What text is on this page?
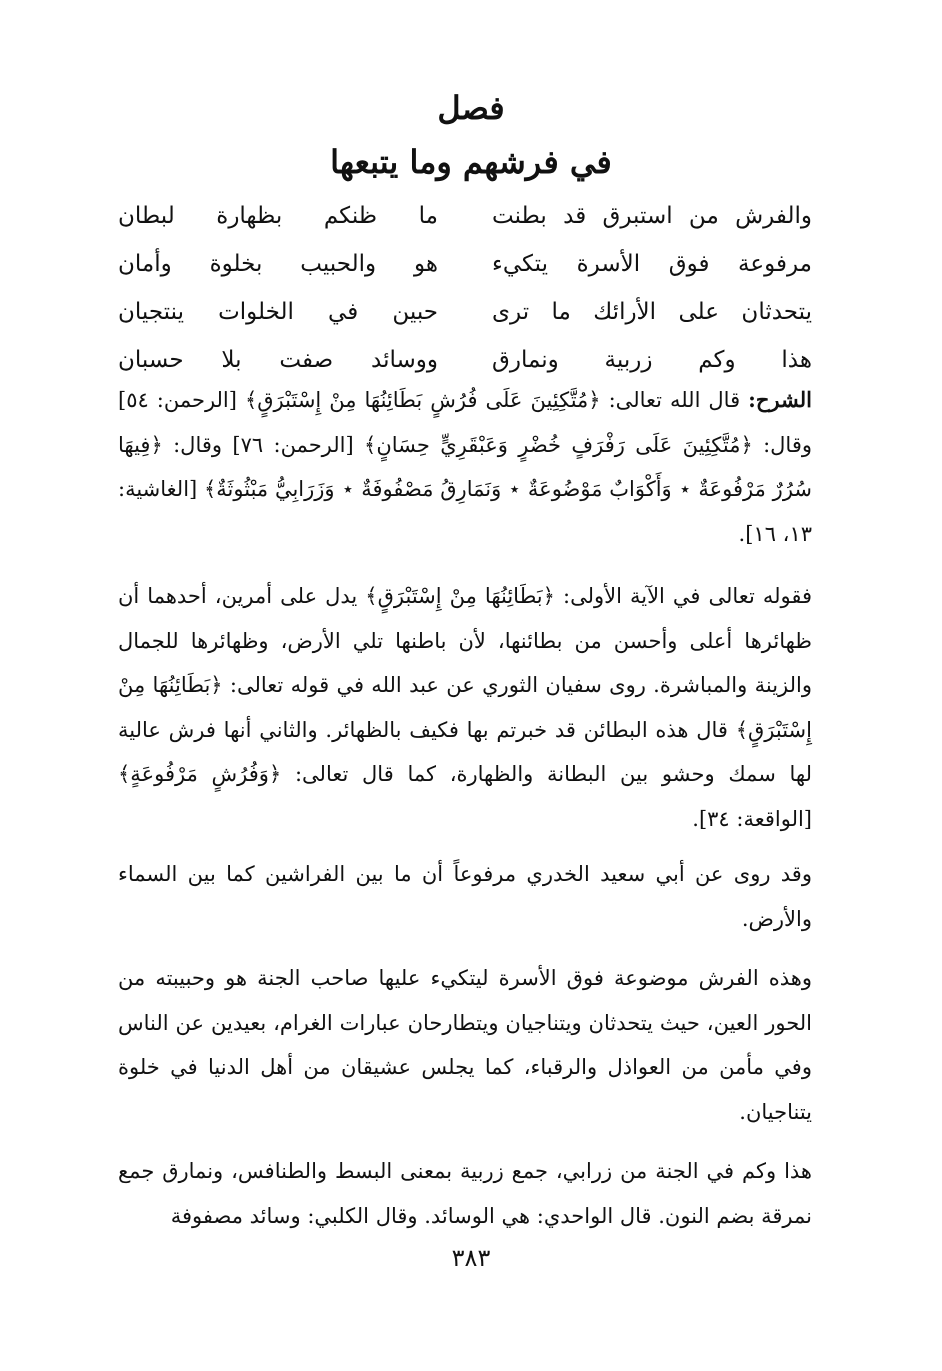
فصل
في فرشهم وما يتبعها
والفرش من استبرق قد بطنت
ما ظنكم بظهارة لبطان
مرفوعة فوق الأسرة يتكيء
هو والحبيب بخلوة وأمان
يتحدثان على الأرائك ما ترى
حبين في الخلوات ينتجيان
هذا وكم زربية ونمارق
ووسائد صفت بلا حسبان

الشرح: قال الله تعالى: ﴿مُتَّكِئِينَ عَلَى فُرُشٍ بَطَائِنُهَا مِنْ إِسْتَبْرَقٍ﴾ [الرحمن: ٥٤] وقال: ﴿مُتَّكِئِينَ عَلَى رَفْرَفٍ خُضْرٍ وَعَبْقَرِيٍّ حِسَانٍ﴾ [الرحمن: ٧٦] وقال: ﴿فِيهَا سُرُرٌ مَرْفُوعَةٌ ⋆ وَأَكْوَابٌ مَوْضُوعَةٌ ⋆ وَنَمَارِقُ مَصْفُوفَةٌ ⋆ وَزَرَابِيُّ مَبْثُوثَةٌ﴾ [الغاشية: ١٣، ١٦].

فقوله تعالى في الآية الأولى: ﴿بَطَائِنُهَا مِنْ إِسْتَبْرَقٍ﴾ يدل على أمرين، أحدهما أن ظهائرها أعلى وأحسن من بطائنها، لأن باطنها تلي الأرض، وظهائرها للجمال والزينة والمباشرة. روى سفيان الثوري عن عبد الله في قوله تعالى: ﴿بَطَائِنُهَا مِنْ إِسْتَبْرَقٍ﴾ قال هذه البطائن قد خبرتم بها فكيف بالظهائر. والثاني أنها فرش عالية لها سمك وحشو بين البطانة والظهارة، كما قال تعالى: ﴿وَفُرُشٍ مَرْفُوعَةٍ﴾ [الواقعة: ٣٤].

وقد روى عن أبي سعيد الخدري مرفوعاً أن ما بين الفراشين كما بين السماء والأرض.

وهذه الفرش موضوعة فوق الأسرة ليتكيء عليها صاحب الجنة هو وحبيبته من الحور العين، حيث يتحدثان ويتناجيان ويتطارحان عبارات الغرام، بعيدين عن الناس وفي مأمن من العواذل والرقباء، كما يجلس عشيقان من أهل الدنيا في خلوة يتناجيان.

هذا وكم في الجنة من زرابي، جمع زربية بمعنى البسط والطنافس، ونمارق جمع نمرقة بضم النون. قال الواحدي: هي الوسائد. وقال الكلبي: وسائد مصفوفة

٣٨٣
